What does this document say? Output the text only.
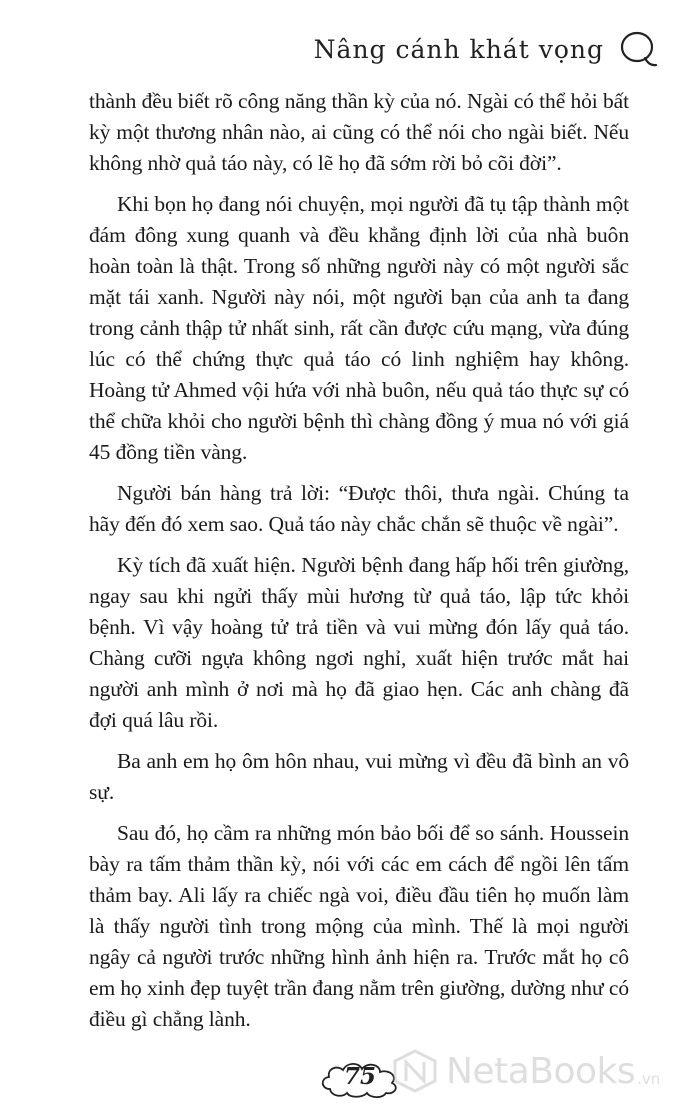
Nâng cánh khát vọng

thành đều biết rõ công năng thần kỳ của nó. Ngài có thể hỏi bất kỳ một thương nhân nào, ai cũng có thể nói cho ngài biết. Nếu không nhờ quả táo này, có lẽ họ đã sớm rời bỏ cõi đời”.

Khi bọn họ đang nói chuyện, mọi người đã tụ tập thành một đám đông xung quanh và đều khẳng định lời của nhà buôn hoàn toàn là thật. Trong số những người này có một người sắc mặt tái xanh. Người này nói, một người bạn của anh ta đang trong cảnh thập tử nhất sinh, rất cần được cứu mạng, vừa đúng lúc có thể chứng thực quả táo có linh nghiệm hay không. Hoàng tử Ahmed vội hứa với nhà buôn, nếu quả táo thực sự có thể chữa khỏi cho người bệnh thì chàng đồng ý mua nó với giá 45 đồng tiền vàng.

Người bán hàng trả lời: “Được thôi, thưa ngài. Chúng ta hãy đến đó xem sao. Quả táo này chắc chắn sẽ thuộc về ngài”.

Kỳ tích đã xuất hiện. Người bệnh đang hấp hối trên giường, ngay sau khi ngửi thấy mùi hương từ quả táo, lập tức khỏi bệnh. Vì vậy hoàng tử trả tiền và vui mừng đón lấy quả táo. Chàng cưỡi ngựa không ngơi nghỉ, xuất hiện trước mắt hai người anh mình ở nơi mà họ đã giao hẹn. Các anh chàng đã đợi quá lâu rồi.

Ba anh em họ ôm hôn nhau, vui mừng vì đều đã bình an vô sự.

Sau đó, họ cầm ra những món bảo bối để so sánh. Houssein bày ra tấm thảm thần kỳ, nói với các em cách để ngồi lên tấm thảm bay. Ali lấy ra chiếc ngà voi, điều đầu tiên họ muốn làm là thấy người tình trong mộng của mình. Thế là mọi người ngây cả người trước những hình ảnh hiện ra. Trước mắt họ cô em họ xinh đẹp tuyệt trần đang nằm trên giường, dường như có điều gì chẳng lành.

75	NetaBooks .vn
